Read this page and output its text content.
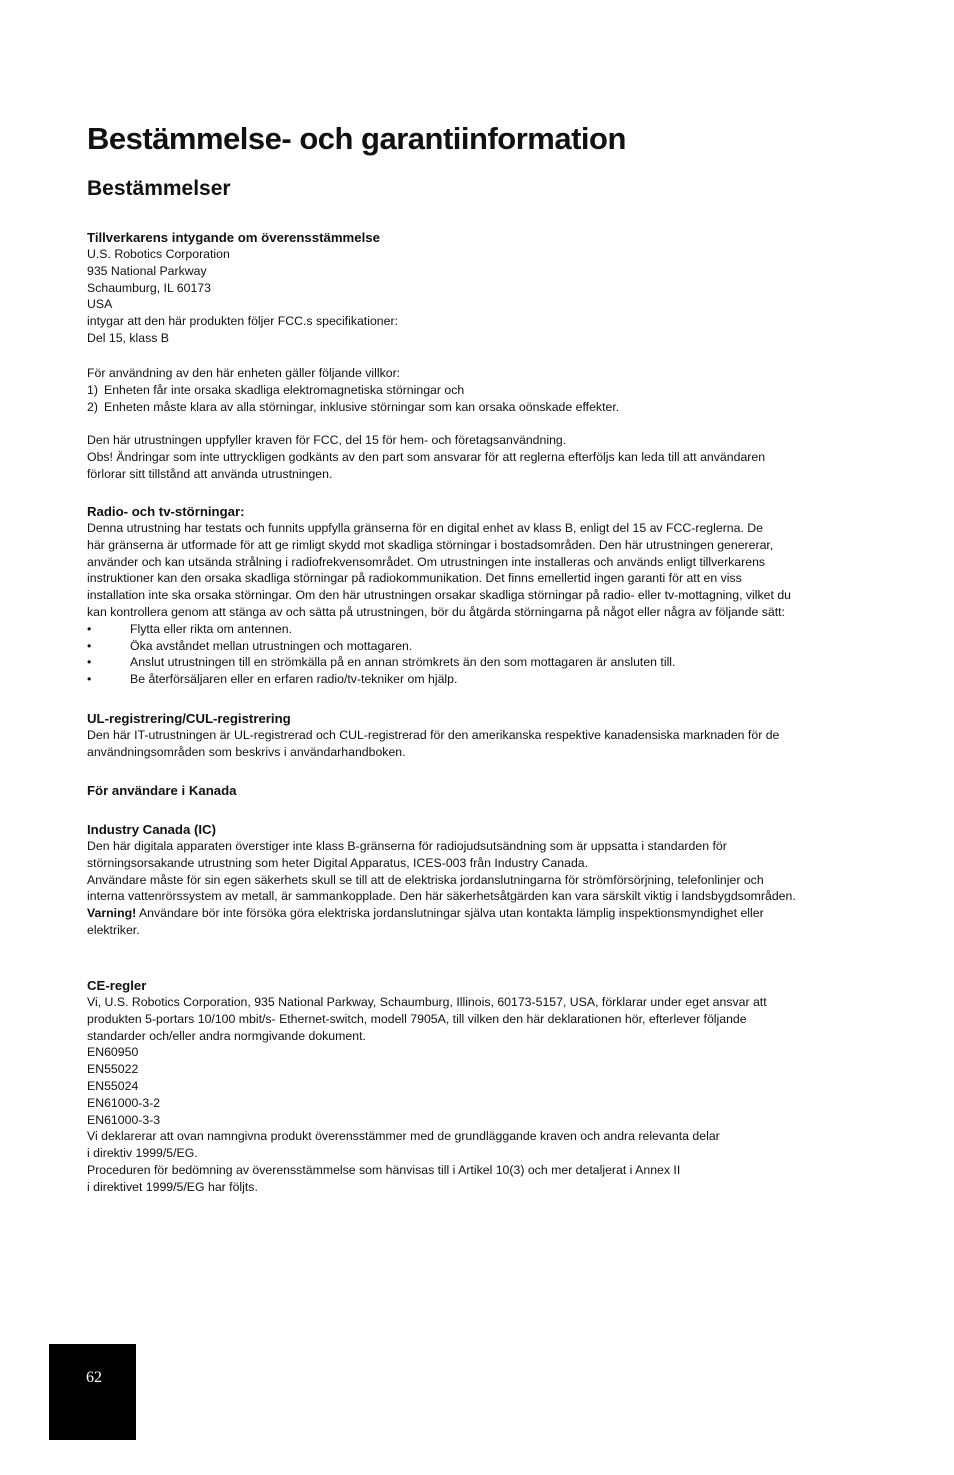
Bestämmelse- och garantiinformation
Bestämmelser
Tillverkarens intygande om överensstämmelse
U.S. Robotics Corporation
935 National Parkway
Schaumburg, IL 60173
USA
intygar att den här produkten följer FCC.s specifikationer:
Del 15, klass B
För användning av den här enheten gäller följande villkor:
1) Enheten får inte orsaka skadliga elektromagnetiska störningar och
2) Enheten måste klara av alla störningar, inklusive störningar som kan orsaka oönskade effekter.
Den här utrustningen uppfyller kraven för FCC, del 15 för hem- och företagsanvändning.
Obs! Ändringar som inte uttryckligen godkänts av den part som ansvarar för att reglerna efterföljs kan leda till att användaren
förlorar sitt tillstånd att använda utrustningen.
Radio- och tv-störningar:
Denna utrustning har testats och funnits uppfylla gränserna för en digital enhet av klass B, enligt del 15 av FCC-reglerna. De
här gränserna är utformade för att ge rimligt skydd mot skadliga störningar i bostadsområden. Den här utrustningen genererar,
använder och kan utsända strålning i radiofrekvensområdet. Om utrustningen inte installeras och används enligt tillverkarens
instruktioner kan den orsaka skadliga störningar på radiokommunikation. Det finns emellertid ingen garanti för att en viss
installation inte ska orsaka störningar. Om den här utrustningen orsakar skadliga störningar på radio- eller tv-mottagning, vilket du
kan kontrollera genom att stänga av och sätta på utrustningen, bör du åtgärda störningarna på något eller några av följande sätt:
•	Flytta eller rikta om antennen.
•	Öka avståndet mellan utrustningen och mottagaren.
•	Anslut utrustningen till en strömkälla på en annan strömkrets än den som mottagaren är ansluten till.
•	Be återförsäljaren eller en erfaren radio/tv-tekniker om hjälp.
UL-registrering/CUL-registrering
Den här IT-utrustningen är UL-registrerad och CUL-registrerad för den amerikanska respektive kanadensiska marknaden för de
användningsområden som beskrivs i användarhandboken.
För användare i Kanada
Industry Canada (IC)
Den här digitala apparaten överstiger inte klass B-gränserna för radiojudsutsändning som är uppsatta i standarden för
störningsorsakande utrustning som heter Digital Apparatus, ICES-003 från Industry Canada.
Användare måste för sin egen säkerhets skull se till att de elektriska jordanslutningarna för strömförsörjning, telefonlinjer och
interna vattenrörssystem av metall, är sammankopplade. Den här säkerhetsåtgärden kan vara särskilt viktig i landsbygdsområden.
Varning! Användare bör inte försöka göra elektriska jordanslutningar själva utan kontakta lämplig inspektionsmyndighet eller
elektriker.
CE-regler
Vi, U.S. Robotics Corporation, 935 National Parkway, Schaumburg, Illinois, 60173-5157, USA, förklarar under eget ansvar att
produkten 5-portars 10/100 mbit/s- Ethernet-switch, modell 7905A, till vilken den här deklarationen hör, efterlever följande
standarder och/eller andra normgivande dokument.
EN60950
EN55022
EN55024
EN61000-3-2
EN61000-3-3
Vi deklarerar att ovan namngivna produkt överensstämmer med de grundläggande kraven och andra relevanta delar
i direktiv 1999/5/EG.
Proceduren för bedömning av överensstämmelse som hänvisas till i Artikel 10(3) och mer detaljerat i Annex II
i direktivet 1999/5/EG har följts.
62
